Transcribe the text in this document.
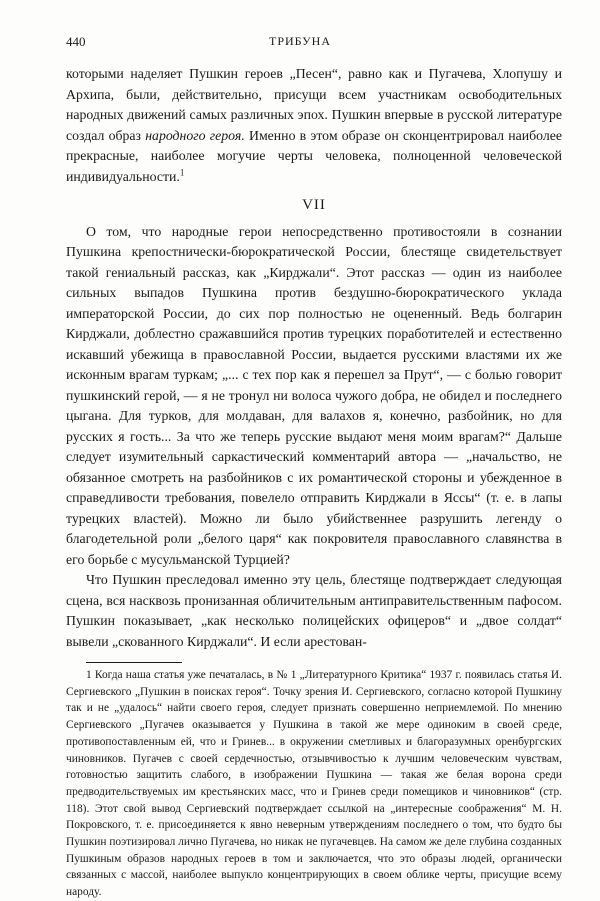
440	ТРИБУНА

которыми наделяет Пушкин героев „Песен“, равно как и Пугачева, Хлопушу и Архипа, были, действительно, присущи всем участникам освободительных народных движений самых различных эпох. Пушкин впервые в русской литературе создал образ народного героя. Именно в этом образе он сконцентрировал наиболее прекрасные, наиболее могучие черты человека, полноценной человеческой индивидуальности.$^1$

VII

О том, что народные герои непосредственно противостояли в сознании Пушкина крепостнически-бюрократической России, блестяще свидетельствует такой гениальный рассказ, как „Кирджали“. Этот рассказ — один из наиболее сильных выпадов Пушкина против бездушно-бюрократического уклада императорской России, до сих пор полностью не оцененный. Ведь болгарин Кирджали, доблестно сражавшийся против турецких поработителей и естественно искавший убежища в православной России, выдается русскими властями их же исконным врагам туркам; „... с тех пор как я перешел за Прут“, — с болью говорит пушкинский герой, — я не тронул ни волоса чужого добра, не обидел и последнего цыгана. Для турков, для молдаван, для валахов я, конечно, разбойник, но для русских я гость... За что же теперь русские выдают меня моим врагам?“ Дальше следует изумительный саркастический комментарий автора — „начальство, не обязанное смотреть на разбойников с их романтической стороны и убежденное в справедливости требования, повелело отправить Кирджали в Яссы“ (т. е. в лапы турецких властей). Можно ли было убийственнее разрушить легенду о благодетельной роли „белого царя“ как покровителя православного славянства в его борьбе с мусульманской Турцией?

Что Пушкин преследовал именно эту цель, блестяще подтверждает следующая сцена, вся насквозь пронизанная обличительным антиправительственным пафосом. Пушкин показывает, „как несколько полицейских офицеров“ и „двое солдат“ вывели „скованного Кирджали“. И если арестован-

1 Когда наша статья уже печаталась, в № 1 „Литературного Критика“ 1937 г. появилась статья И. Сергиевского „Пушкин в поисках героя“. Точку зрения И. Сергиевского, согласно которой Пушкину так и не „удалось“ найти своего героя, следует признать совершенно неприемлемой. По мнению Сергиевского „Пугачев оказывается у Пушкина в такой же мере одиноким в своей среде, противопоставленным ей, что и Гринев... в окружении сметливых и благоразумных оренбургских чиновников. Пугачев с своей сердечностью, отзывчивостью к лучшим человеческим чувствам, готовностью защитить слабого, в изображении Пушкина — такая же белая ворона среди предводительствуемых им крестьянских масс, что и Гринев среди помещиков и чиновников“ (стр. 118). Этот свой вывод Сергиевский подтверждает ссылкой на „интересные соображения“ М. Н. Покровского, т. е. присоединяется к явно неверным утверждениям последнего о том, что будто бы Пушкин поэтизировал лично Пугачева, но никак не пугачевцев. На самом же деле глубина созданных Пушкиным образов народных героев в том и заключается, что это образы людей, органически связанных с массой, наиболее выпукло концентрирующих в своем облике черты, присущие всему народу.
